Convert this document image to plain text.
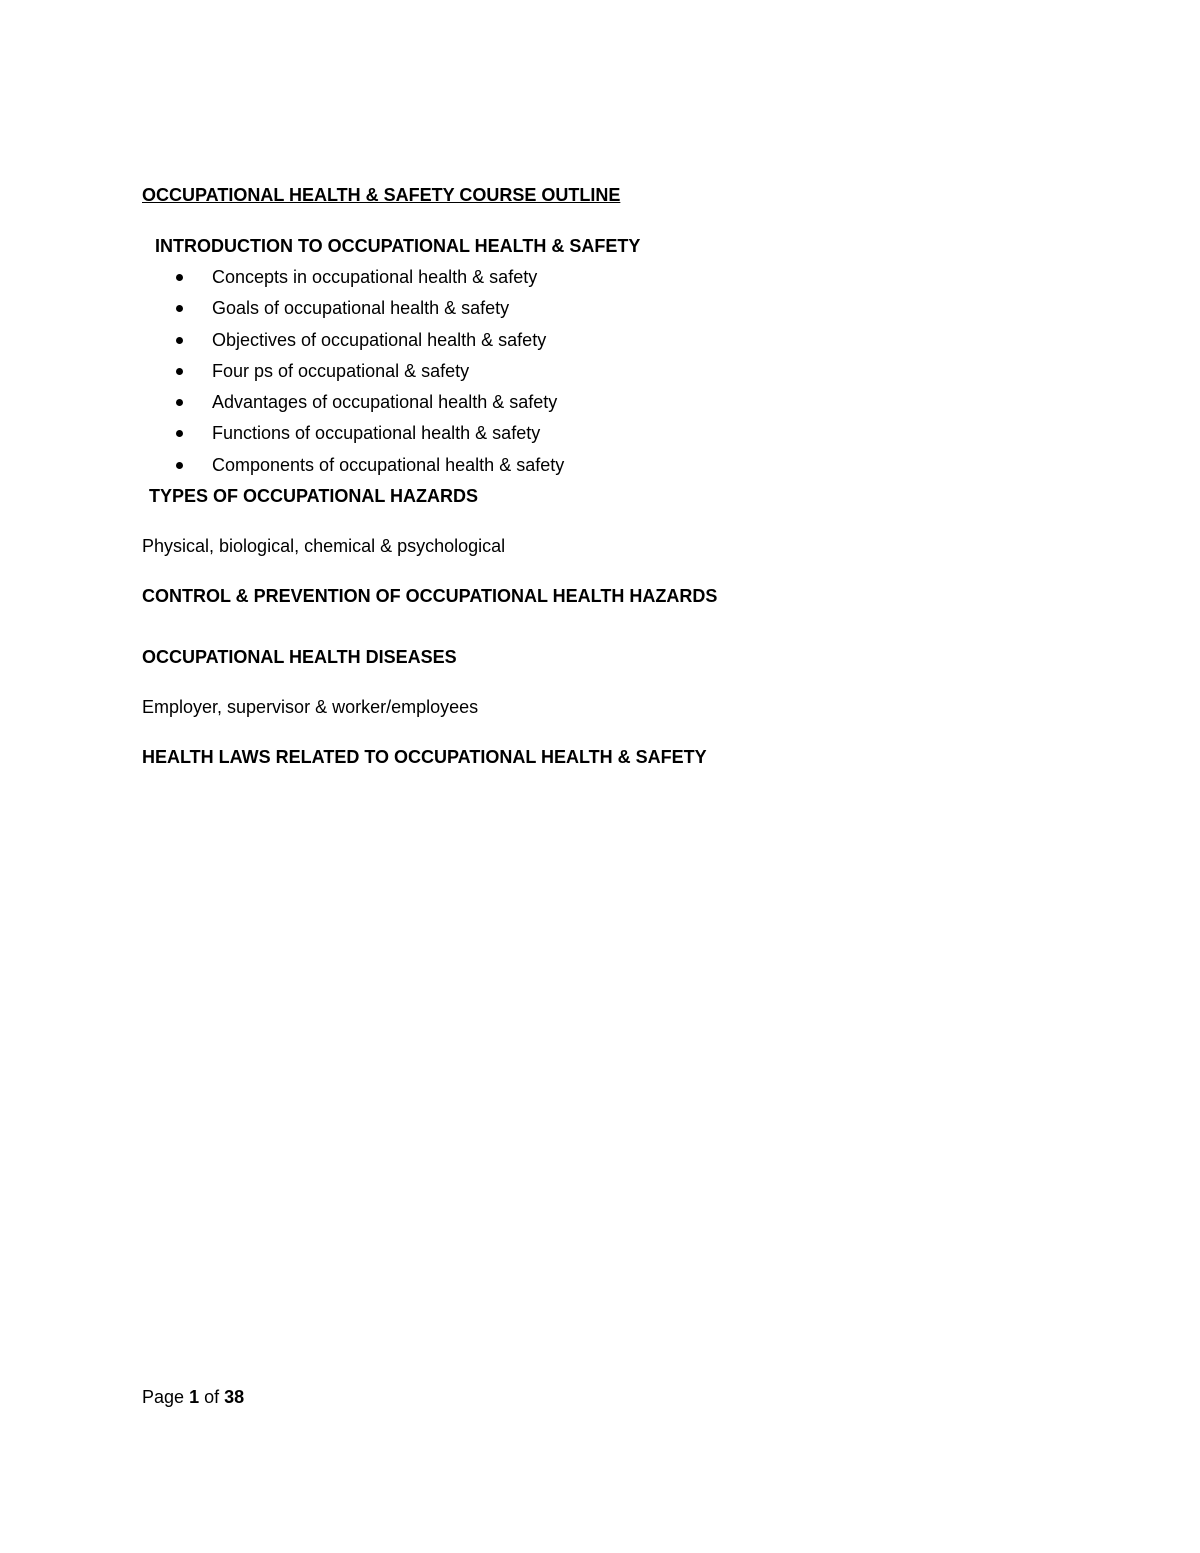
OCCUPATIONAL HEALTH & SAFETY COURSE OUTLINE
INTRODUCTION TO OCCUPATIONAL HEALTH & SAFETY
Concepts in occupational health & safety
Goals of occupational health & safety
Objectives of occupational health & safety
Four ps of occupational & safety
Advantages of occupational health & safety
Functions of occupational health & safety
Components of occupational health & safety
TYPES OF OCCUPATIONAL HAZARDS
Physical, biological, chemical & psychological
CONTROL & PREVENTION OF OCCUPATIONAL HEALTH HAZARDS
OCCUPATIONAL HEALTH DISEASES
Employer, supervisor & worker/employees
HEALTH LAWS RELATED TO OCCUPATIONAL HEALTH & SAFETY
Page 1 of 38
